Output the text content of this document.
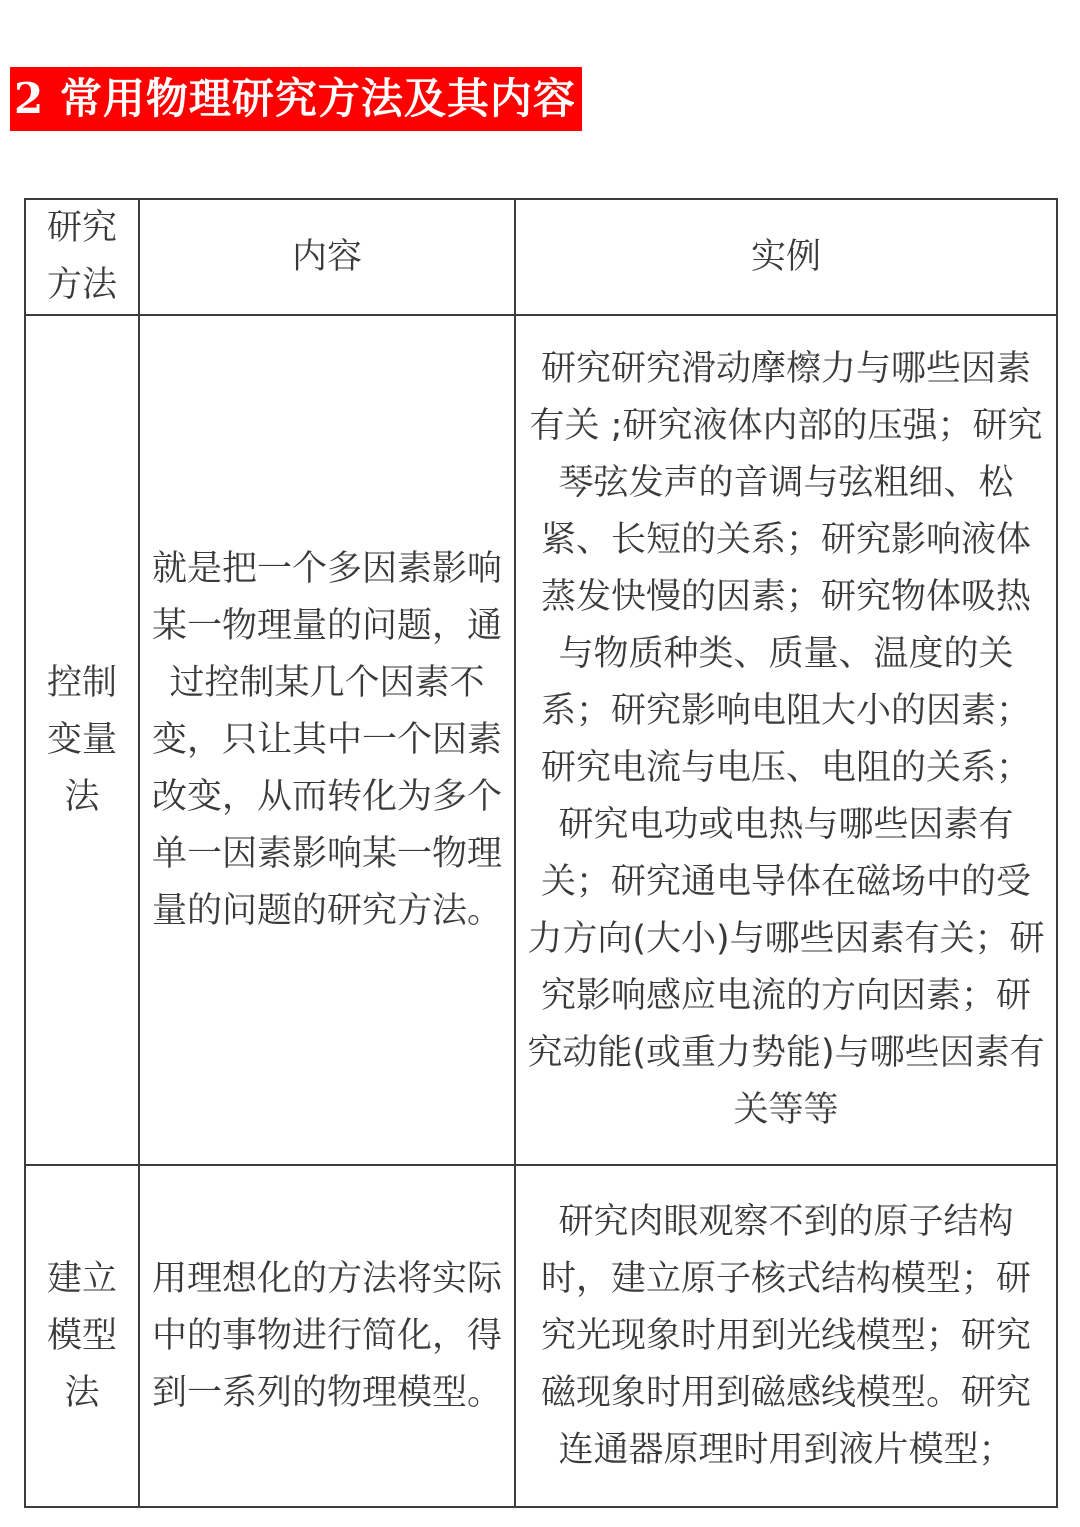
2 常用物理研究方法及其内容
研究方法	内容	实例
控制变量法	就是把一个多因素影响某一物理量的问题，通过控制某几个因素不变，只让其中一个因素改变，从而转化为多个单一因素影响某一物理量的问题的研究方法。	研究研究滑动摩檫力与哪些因素有关 ;研究液体内部的压强；研究琴弦发声的音调与弦粗细、松紧、长短的关系；研究影响液体蒸发快慢的因素；研究物体吸热与物质种类、质量、温度的关系；研究影响电阻大小的因素；研究电流与电压、电阻的关系；研究电功或电热与哪些因素有关；研究通电导体在磁场中的受力方向(大小)与哪些因素有关；研究影响感应电流的方向因素；研究动能(或重力势能)与哪些因素有关等等
建立模型法	用理想化的方法将实际中的事物进行简化，得到一系列的物理模型。	研究肉眼观察不到的原子结构时，建立原子核式结构模型；研究光现象时用到光线模型；研究磁现象时用到磁感线模型。研究连通器原理时用到液片模型；
